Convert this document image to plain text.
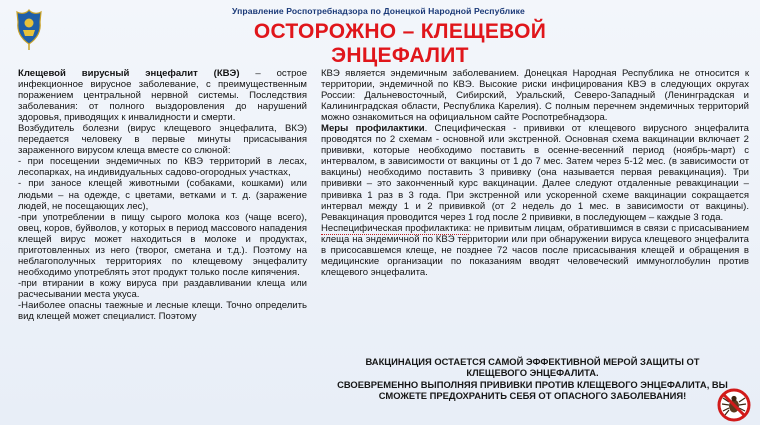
Управление Роспотребнадзора по Донецкой Народной Республике
ОСТОРОЖНО – КЛЕЩЕВОЙ
ЭНЦЕФАЛИТ

Клещевой вирусный энцефалит (КВЭ) – острое инфекционное вирусное заболевание, с преимущественным поражением центральной нервной системы. Последствия заболевания: от полного выздоровления до нарушений здоровья, приводящих к инвалидности и смерти.

Возбудитель болезни (вирус клещевого энцефалита, ВКЭ) передается человеку в первые минуты присасывания зараженного вирусом клеща вместе со слюной:

- при посещении эндемичных по КВЭ территорий в лесах, лесопарках, на индивидуальных садово-огородных участках,

- при заносе клещей животными (собаками, кошками) или людьми – на одежде, с цветами, ветками и т. д. (заражение людей, не посещающих лес),

-при употреблении в пищу сырого молока коз (чаще всего), овец, коров, буйволов, у которых в период массового нападения клещей вирус может находиться в молоке и продуктах, приготовленных из него (творог, сметана и т.д.). Поэтому на неблагополучных территориях по клещевому энцефалиту необходимо употреблять этот продукт только после кипячения.

-при втирании в кожу вируса при раздавливании клеща или расчесывании места укуса.

-Наиболее опасны таежные и лесные клещи. Точно определить вид клещей может специалист. Поэтому

КВЭ является эндемичным заболеванием. Донецкая Народная Республика не относится к территории, эндемичной по КВЭ. Высокие риски инфицирования КВЭ в следующих округах России: Дальневосточный, Сибирский, Уральский, Северо-Западный (Ленинградская и Калининградская области, Республика Карелия). С полным перечнем эндемичных территорий можно ознакомиться на официальном сайте Роспотребнадзора.

Меры профилактики. Специфическая - прививки от клещевого вирусного энцефалита проводятся по 2 схемам - основной или экстренной. Основная схема вакцинации включает 2 прививки, которые необходимо поставить в осенне-весенний период (ноябрь-март) с интервалом, в зависимости от вакцины от 1 до 7 мес. Затем через 5-12 мес. (в зависимости от вакцины) необходимо поставить 3 прививку (она называется первая ревакцинация). Три прививки – это законченный курс вакцинации. Далее следуют отдаленные ревакцинации – прививка 1 раз в 3 года. При экстренной или ускоренной схеме вакцинации сокращается интервал между 1 и 2 прививкой (от 2 недель до 1 мес. в зависимости от вакцины). Ревакцинация проводится через 1 год после 2 прививки, в последующем – каждые 3 года.

Неспецифическая профилактика: не привитым лицам, обратившимся в связи с присасыванием клеща на эндемичной по КВЭ территории или при обнаружении вируса клещевого энцефалита в присосавшемся клеще, не позднее 72 часов после присасывания клещей и обращения в медицинские организации по показаниям вводят человеческий иммуноглобулин против клещевого энцефалита.

ВАКЦИНАЦИЯ ОСТАЕТСЯ САМОЙ ЭФФЕКТИВНОЙ МЕРОЙ ЗАЩИТЫ ОТ КЛЕЩЕВОГО ЭНЦЕФАЛИТА.
СВОЕВРЕМЕННО ВЫПОЛНЯЯ ПРИВИВКИ ПРОТИВ КЛЕЩЕВОГО ЭНЦЕФАЛИТА, ВЫ СМОЖЕТЕ ПРЕДОХРАНИТЬ СЕБЯ ОТ ОПАСНОГО ЗАБОЛЕВАНИЯ!
